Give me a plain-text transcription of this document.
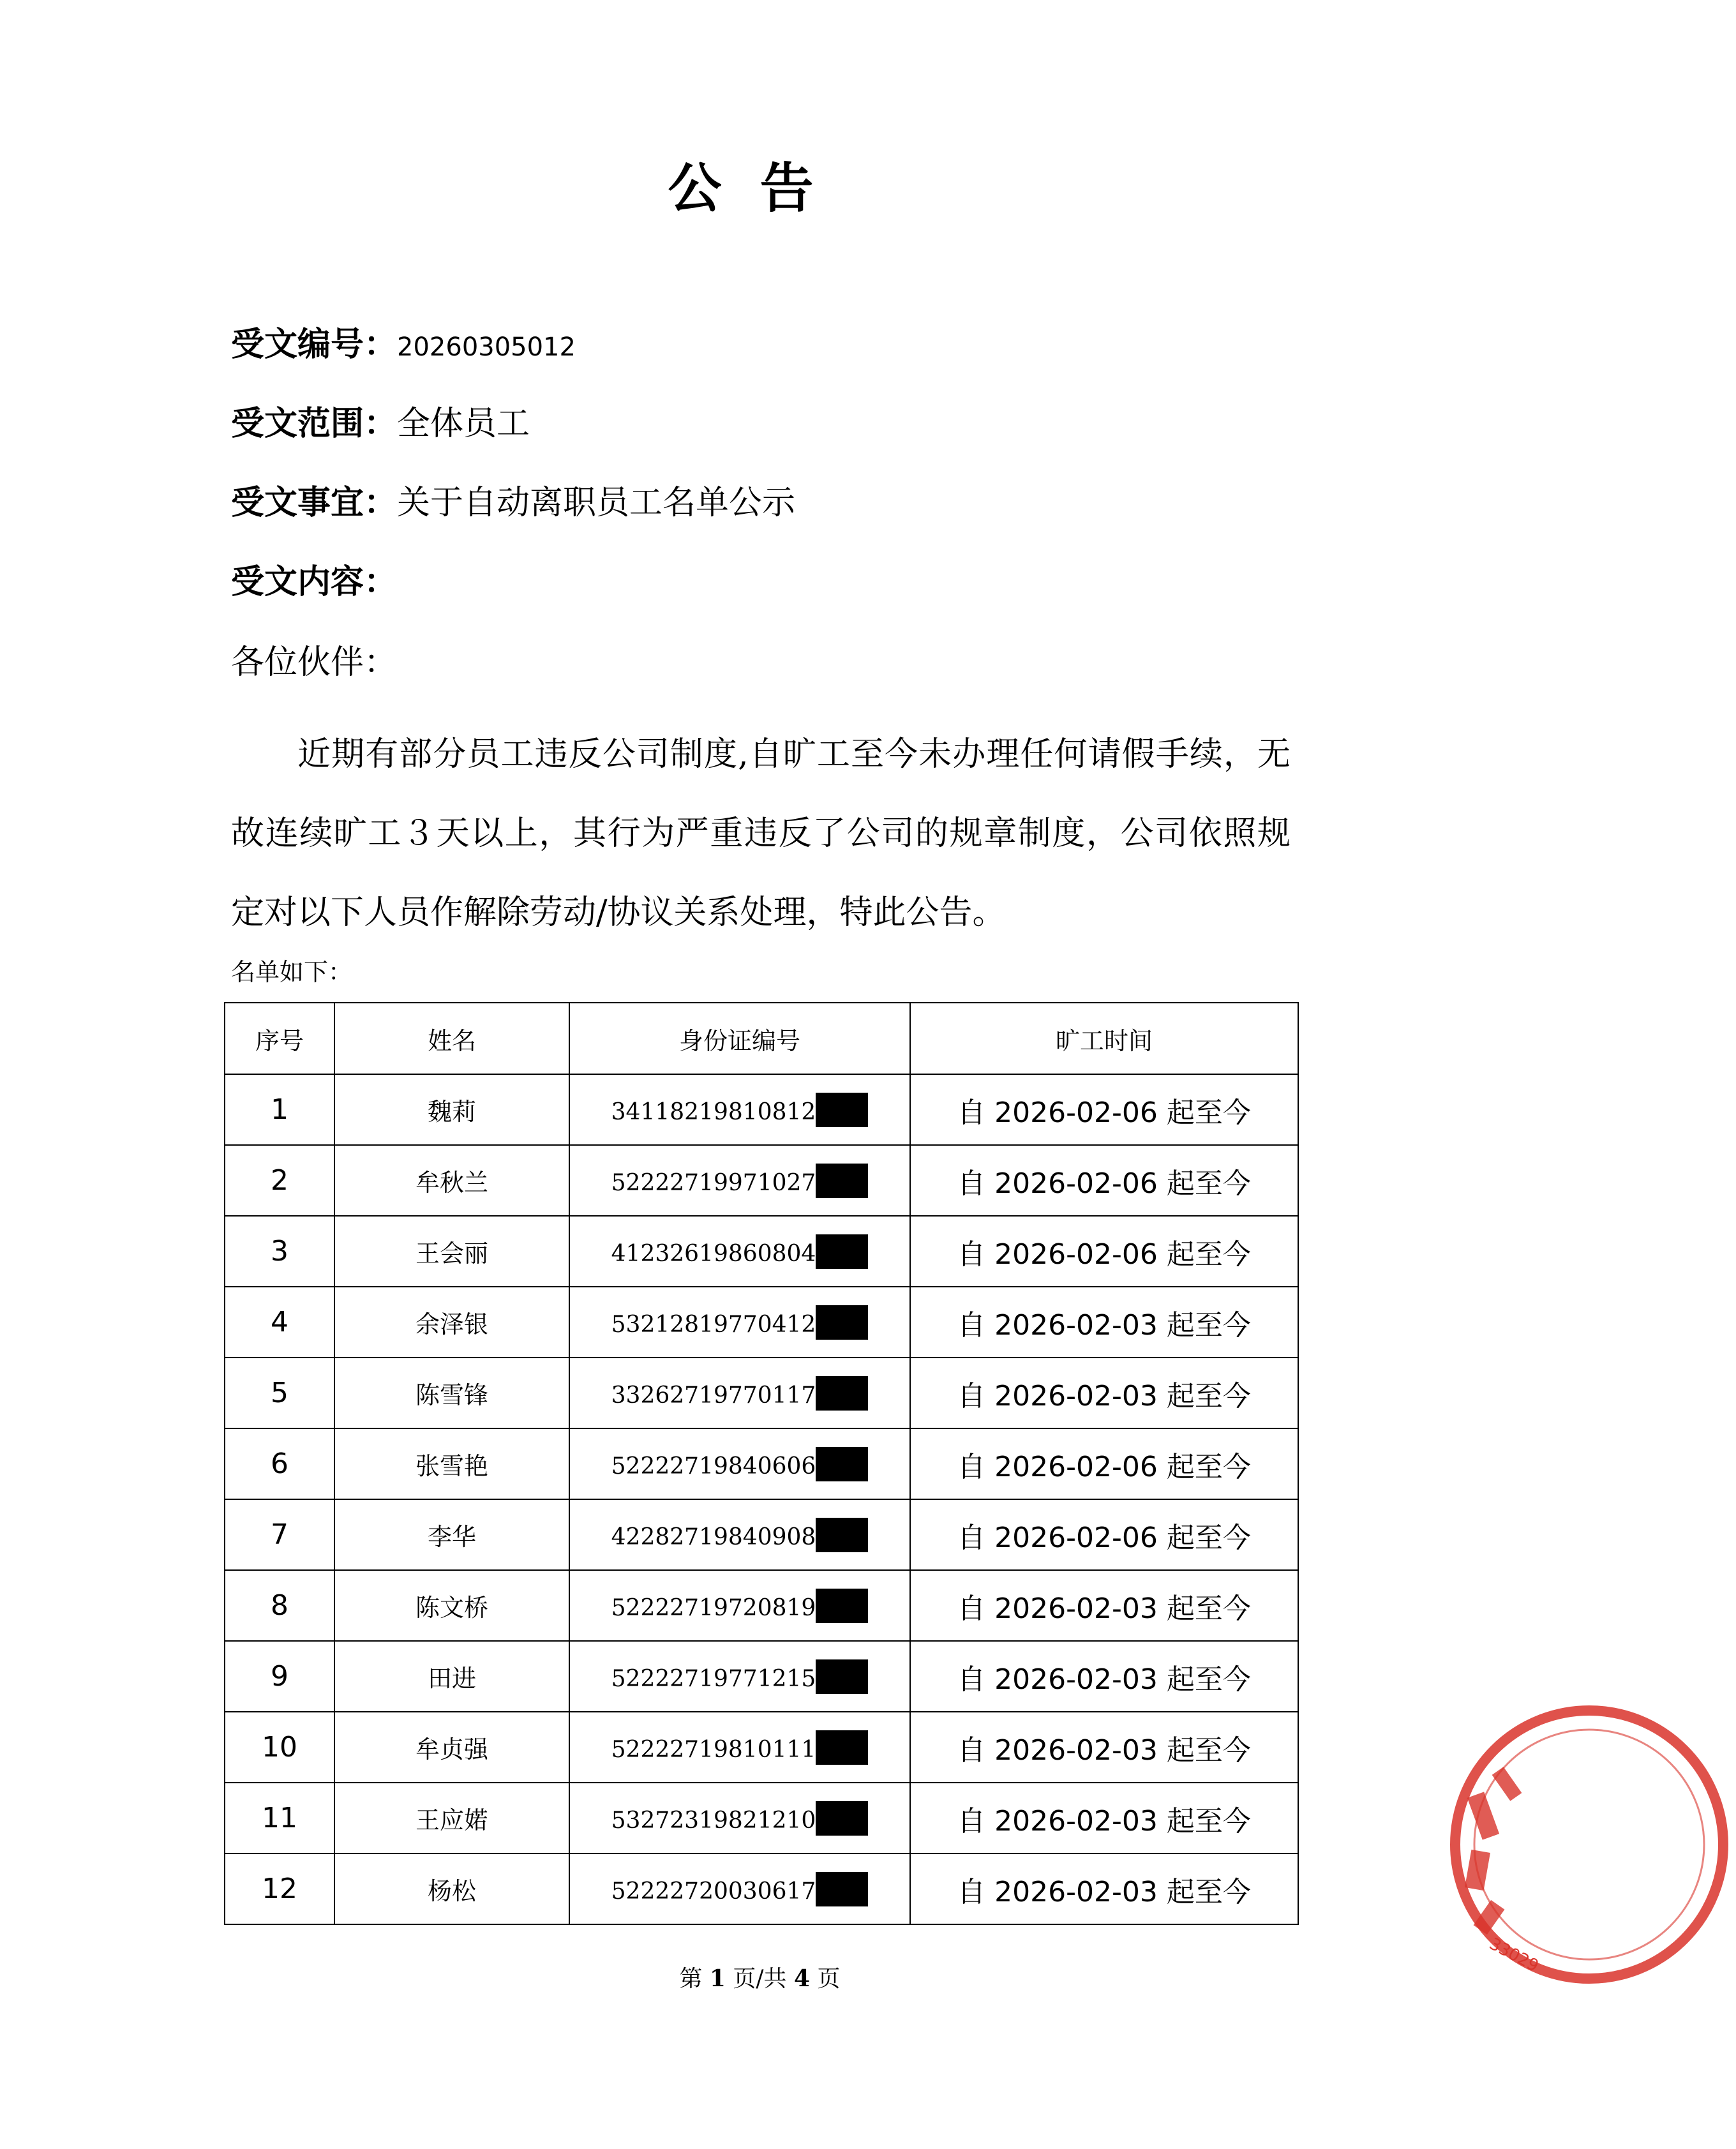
公告
受文编号：20260305012
受文范围：全体员工
受文事宜：关于自动离职员工名单公示
受文内容：
各位伙伴：
近期有部分员工违反公司制度,自旷工至今未办理任何请假手续，无故连续旷工３天以上，其行为严重违反了公司的规章制度，公司依照规定对以下人员作解除劳动/协议关系处理，特此公告。
名单如下：
序号	姓名	身份证编号	旷工时间
1	魏莉	34118219810812	自 2026-02-06 起至今
2	牟秋兰	52222719971027	自 2026-02-06 起至今
3	王会丽	41232619860804	自 2026-02-06 起至今
4	余泽银	53212819770412	自 2026-02-03 起至今
5	陈雪锋	33262719770117	自 2026-02-03 起至今
6	张雪艳	52222719840606	自 2026-02-06 起至今
7	李华	42282719840908	自 2026-02-06 起至今
8	陈文桥	52222719720819	自 2026-02-03 起至今
9	田进	52222719771215	自 2026-02-03 起至今
10	牟贞强	52222719810111	自 2026-02-03 起至今
11	王应婼	53272319821210	自 2026-02-03 起至今
12	杨松	52222720030617	自 2026-02-03 起至今
第 1 页/共 4 页
33029
